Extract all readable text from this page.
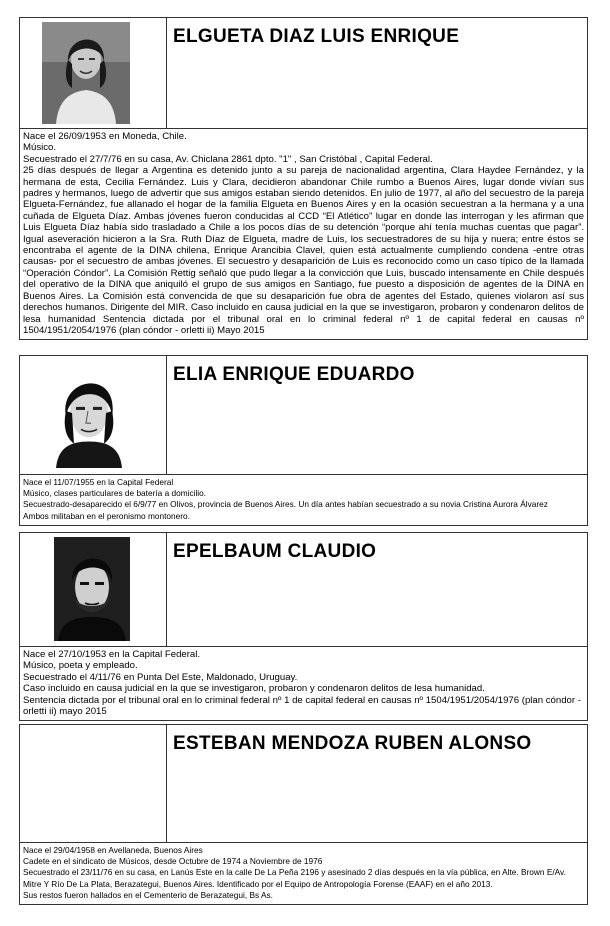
ELGUETA DIAZ LUIS ENRIQUE

Nace el 26/09/1953 en Moneda, Chile.

Músico.

Secuestrado el 27/7/76 en su casa, Av. Chiclana 2861 dpto. "1" , San Cristóbal , Capital Federal.

25 días después de llegar a Argentina es detenido junto a su pareja de nacionalidad argentina, Clara Haydee Fernández, y la hermana de esta, Cecilia Fernández. Luis y Clara, decidieron abandonar Chile rumbo a Buenos Aires, lugar donde vivían sus padres y hermanos, luego de advertir que sus amigos estaban siendo detenidos. En julio de 1977, al año del secuestro de la pareja Elgueta-Fernández, fue allanado el hogar de la familia Elgueta en Buenos Aires y en la ocasión secuestran a la hermana y a una cuñada de Elgueta Díaz. Ambas jóvenes fueron conducidas al CCD “El Atlético” lugar en donde las interrogan y les afirman que Luis Elgueta Díaz había sido trasladado a Chile a los pocos días de su detención “porque ahí tenía muchas cuentas que pagar”. Igual aseveración hicieron a la Sra. Ruth Díaz de Elgueta, madre de Luis, los secuestradores de su hija y nuera; entre éstos se encontraba el agente de la DINA chilena, Enrique Arancibia Clavel, quien está actualmente cumpliendo condena -entre otras causas- por el secuestro de ambas jóvenes. El secuestro y desaparición de Luis es reconocido como un caso típico de la llamada “Operación Cóndor”. La Comisión Rettig señaló que pudo llegar a la convicción que Luis, buscado intensamente en Chile después del operativo de la DINA que aniquiló el grupo de sus amigos en Santiago, fue puesto a disposición de agentes de la DINA en Buenos Aires. La Comisión está convencida de que su desaparición fue obra de agentes del Estado, quienes violaron así sus derechos humanos. Dirigente del MIR. Caso incluido en causa judicial en la que se investigaron, probaron y condenaron delitos de lesa humanidad Sentencia dictada por el tribunal oral en lo criminal federal nº 1 de capital federal en causas nº 1504/1951/2054/1976 (plan cóndor - orletti ii) Mayo 2015

ELIA ENRIQUE EDUARDO

Nace el 11/07/1955 en la Capital Federal

Músico, clases particulares de batería a domicilio.

Secuestrado-desaparecido el 6/9/77 en Olivos, provincia de Buenos Aires. Un día antes habían secuestrado a su novia Cristina Aurora Álvarez

Ambos militaban en el peronismo montonero.

EPELBAUM CLAUDIO

Nace el 27/10/1953 en la Capital Federal.

Músico, poeta y empleado.

Secuestrado el 4/11/76 en Punta Del Este, Maldonado, Uruguay.

Caso incluido en causa judicial en la que se investigaron, probaron y condenaron delitos de lesa humanidad.

Sentencia dictada por el tribunal oral en lo criminal federal nº 1 de capital federal en causas nº 1504/1951/2054/1976 (plan cóndor - orletti ii) mayo 2015

ESTEBAN MENDOZA RUBEN ALONSO

Nace el 29/04/1958 en Avellaneda, Buenos Aires

Cadete en el sindicato de Músicos, desde Octubre de 1974 a Noviembre de 1976

Secuestrado el 23/11/76 en su casa, en Lanús Este en la calle De La Peña 2196 y asesinado 2 días después en la vía pública, en Alte. Brown E/Av. Mitre Y Río De La Plata, Berazategui, Buenos Aires. Identificado por el Equipo de Antropología Forense (EAAF) en el año 2013.

Sus restos fueron hallados en el Cementerio de Berazategui, Bs As.
